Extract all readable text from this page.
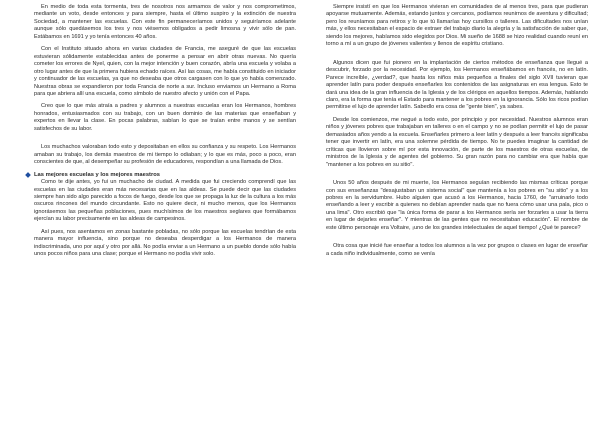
En medio de toda esta tormenta, tres de nosotros nos armamos de valor y nos comprometimos, mediante un voto, desde entonces y para siempre, hasta el último suspiro y la extinción de nuestra Sociedad, a mantener las escuelas. Con este fin permaneceríamos unidos y seguiríamos adelante aunque sólo quedásemos los tres y nos viésemos obligados a pedir limosna y vivir sólo de pan. Estábamos en 1691 y yo tenía entonces 40 años.

Con el Instituto situado ahora en varias ciudades de Francia, me aseguré de que las escuelas estuvieran sólidamente establecidas antes de ponerme a pensar en abrir otras nuevas. No quería cometer los errores de Nyel, quien, con la mejor intención y buen corazón, abría una escuela y volaba a otro lugar antes de que la primera hubiera echado raíces. Así las cosas, me había constituido en iniciador y continuador de las escuelas, ya que no deseaba que otros cargasen con lo que yo había comenzado. Nuestras obras se expandieron por toda Francia de norte a sur. Incluso enviamos un Hermano a Roma para que abriera allí una escuela, como símbolo de nuestro afecto y unión con el Papa.

Creo que lo que más atraía a padres y alumnos a nuestras escuelas eran los Hermanos, hombres honrados, entusiasmados con su trabajo, con un buen dominio de las materias que enseñaban y expertos en llevar la clase. En pocas palabras, sabían lo que se traían entre manos y se sentían satisfechos de su labor.

Los muchachos valoraban todo esto y depositaban en ellos su confianza y su respeto. Los Hermanos amaban su trabajo, los demás maestros de mi tiempo lo odiaban; y lo que es más, poco a poco, eran conscientes de que, al desempeñar su profesión de educadores, respondían a una llamada de Dios.

Las mejores escuelas y los mejores maestros

Como te dije antes, yo fui un muchacho de ciudad. A medida que fui creciendo comprendí que las escuelas en las ciudades eran más necesarias que en las aldeas. Se puede decir que las ciudades siempre han sido algo parecido a focos de fuego, desde los que se propaga la luz de la cultura a los más oscuros rincones del mundo circundante. Esto no quiere decir, ni mucho menos, que los Hermanos ignorásemos las pequeñas poblaciones, pues muchísimos de los maestros seglares que formábamos ejercían su labor precisamente en las aldeas de campesinos.

Así pues, nos asentamos en zonas bastante pobladas, no sólo porque las escuelas tendrían de esta manera mayor influencia, sino porque no deseaba desperdigar a los Hermanos de manera indiscriminada, uno por aquí y otro por allá. No podía enviar a un Hermano a un pueblo donde sólo había unos pocos niños para una clase; porque el Hermano no podía vivir solo.

Siempre insistí en que los Hermanos vivieran en comunidades de al menos tres, para que pudieran apoyarse mutuamente. Además, estando juntos y cercanos, podíamos reunirnos de aventura y dificultad; pero los reuníamos para retiros y lo que tú llamarías hoy cursillos o talleres. Las dificultades nos unían más, y ellos necesitaban el espacio de extraer del trabajo diario la alegría y la satisfacción de saber que, siendo los mejores, habíamos sido elegidos por Dios. Mi sueño de 1688 se hizo realidad cuando reuní en torno a mí a un grupo de jóvenes valientes y llenos de espíritu cristiano.

Algunos dicen que fui pionero en la implantación de ciertos métodos de enseñanza que llegué a descubrir, forzado por la necesidad. Por ejemplo, los Hermanos enseñábamos en francés, no en latín. Parece increíble, ¿verdad?, que hasta los niños más pequeños a finales del siglo XVII tuvieran que aprender latín para poder después enseñarles los contenidos de las asignaturas en esa lengua. Esto te dará una idea de la gran influencia de la Iglesia y de los clérigos en aquellos tiempos. Además, hablando claro, era la forma que tenía el Estado para mantener a los pobres en la ignorancia. Sólo los ricos podían permitirse el lujo de aprender latín. Sabedlo era cosa de "gente bien", ya sabes.

Desde los comienzos, me negué a todo esto, por principio y por necesidad. Nuestros alumnos eran niños y jóvenes pobres que trabajaban en talleres o en el campo y no se podían permitir el lujo de pasar demasiados años yendo a la escuela. Enseñarles primero a leer latín y después a leer francés significaba tener que invertir en latín, era una solemne pérdida de tiempo. No te puedes imaginar la cantidad de críticas que llovieron sobre mí por esta innovación, de parte de los maestros de otras escuelas, de ministros de la Iglesia y de agentes del gobierno. Su gran razón para no cambiar era que había que "mantener a los pobres en su sitio".

Unos 50 años después de mi muerte, los Hermanos seguían recibiendo las mismas críticas porque con sus enseñanzas "desajustaban un sistema social" que mantenía a los pobres en "su sitio" y a los pobres en la servidumbre. Hubo alguien que acusó a los Hermanos, hacia 1760, de "arruinarlo todo enseñando a leer y escribir a quienes no debían aprender nada que no fuera cómo usar una pala, pico o una lima". Otro escribió que "la única forma de parar a los Hermanos sería ser forzarles a usar la tierra en lugar de dejarles enseñar". Y mientras de las gentes que no necesitaban educación". El nombre de este último personaje era Voltaire, ¡uno de los grandes intelectuales de aquel tiempo! ¿Qué te parece?

Otra cosa que inicié fue enseñar a todos los alumnos a la vez por grupos o clases en lugar de enseñar a cada niño individualmente, como se venía
